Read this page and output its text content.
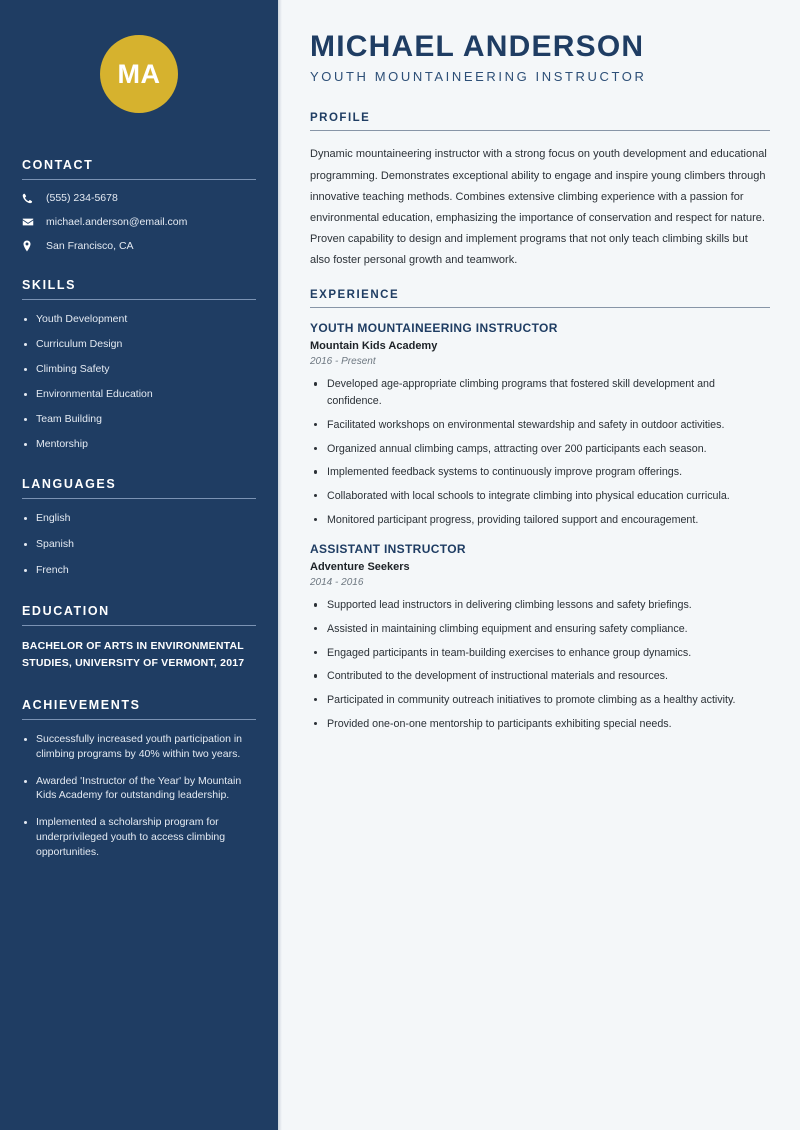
MA
CONTACT
(555) 234-5678
michael.anderson@email.com
San Francisco, CA
SKILLS
Youth Development
Curriculum Design
Climbing Safety
Environmental Education
Team Building
Mentorship
LANGUAGES
English
Spanish
French
EDUCATION
BACHELOR OF ARTS IN ENVIRONMENTAL STUDIES, UNIVERSITY OF VERMONT, 2017
ACHIEVEMENTS
Successfully increased youth participation in climbing programs by 40% within two years.
Awarded 'Instructor of the Year' by Mountain Kids Academy for outstanding leadership.
Implemented a scholarship program for underprivileged youth to access climbing opportunities.
MICHAEL ANDERSON
YOUTH MOUNTAINEERING INSTRUCTOR
PROFILE

Dynamic mountaineering instructor with a strong focus on youth development and educational programming. Demonstrates exceptional ability to engage and inspire young climbers through innovative teaching methods. Combines extensive climbing experience with a passion for environmental education, emphasizing the importance of conservation and respect for nature. Proven capability to design and implement programs that not only teach climbing skills but also foster personal growth and teamwork.

EXPERIENCE
YOUTH MOUNTAINEERING INSTRUCTOR
Mountain Kids Academy
2016 - Present
Developed age-appropriate climbing programs that fostered skill development and confidence.
Facilitated workshops on environmental stewardship and safety in outdoor activities.
Organized annual climbing camps, attracting over 200 participants each season.
Implemented feedback systems to continuously improve program offerings.
Collaborated with local schools to integrate climbing into physical education curricula.
Monitored participant progress, providing tailored support and encouragement.
ASSISTANT INSTRUCTOR
Adventure Seekers
2014 - 2016
Supported lead instructors in delivering climbing lessons and safety briefings.
Assisted in maintaining climbing equipment and ensuring safety compliance.
Engaged participants in team-building exercises to enhance group dynamics.
Contributed to the development of instructional materials and resources.
Participated in community outreach initiatives to promote climbing as a healthy activity.
Provided one-on-one mentorship to participants exhibiting special needs.
